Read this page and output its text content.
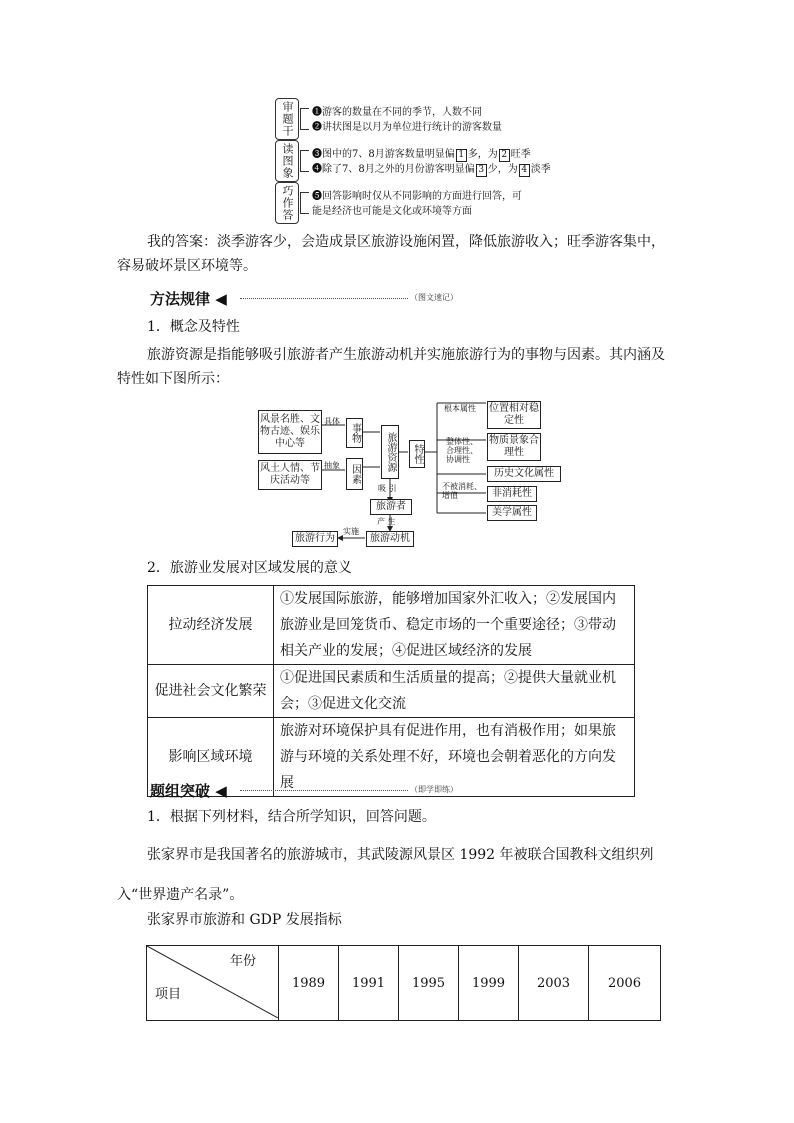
审题干	❶游客的数量在不同的季节，人数不同
❷讲状图是以月为单位进行统计的游客数量
读图象	❸图中的7、8月游客数量明显偏 1 多，为 2 旺季
❹除了7、8月之外的月份游客明显偏 3 少，为 4 淡季
巧作答	❺回答影响时仅从不同影响的方面进行回答，可
能是经济也可能是文化或环境等方面
我的答案：淡季游客少，会造成景区旅游设施闲置，降低旅游收入；旺季游客集中，容易破坏景区环境等。
方法规律 ◀	（图文速记）
1．概念及特性
旅游资源是指能够吸引旅游者产生旅游动机并实施旅游行为的事物与因素。其内涵及特性如下图所示：
风景名胜、文物古迹、娱乐中心等
风土人情、节庆活动等
具体
抽象
事物
因素
旅游资源	特性
吸 引
旅游者
产 生
旅游动机
实施
旅游行为
根本属性 位置相对稳定性
整体性、合理性、协调性
物质景象合理性
历史文化属性
不被消耗、增值	非消耗性
美学属性
2．旅游业发展对区域发展的意义
拉动经济发展	①发展国际旅游，能够增加国家外汇收入；②发展国内旅游业是回笼货币、稳定市场的一个重要途径；③带动相关产业的发展；④促进区域经济的发展
促进社会文化繁荣	①促进国民素质和生活质量的提高；②提供大量就业机会；③促进文化交流
影响区域环境	旅游对环境保护具有促进作用，也有消极作用；如果旅游与环境的关系处理不好，环境也会朝着恶化的方向发展
题组突破 ◀	（即学即练）
1．根据下列材料，结合所学知识，回答问题。
张家界市是我国著名的旅游城市，其武陵源风景区 1992 年被联合国教科文组织列入“世界遗产名录”。
张家界市旅游和 GDP 发展指标
年份
项目
	1989	1991	1995	1999	2003	2006
